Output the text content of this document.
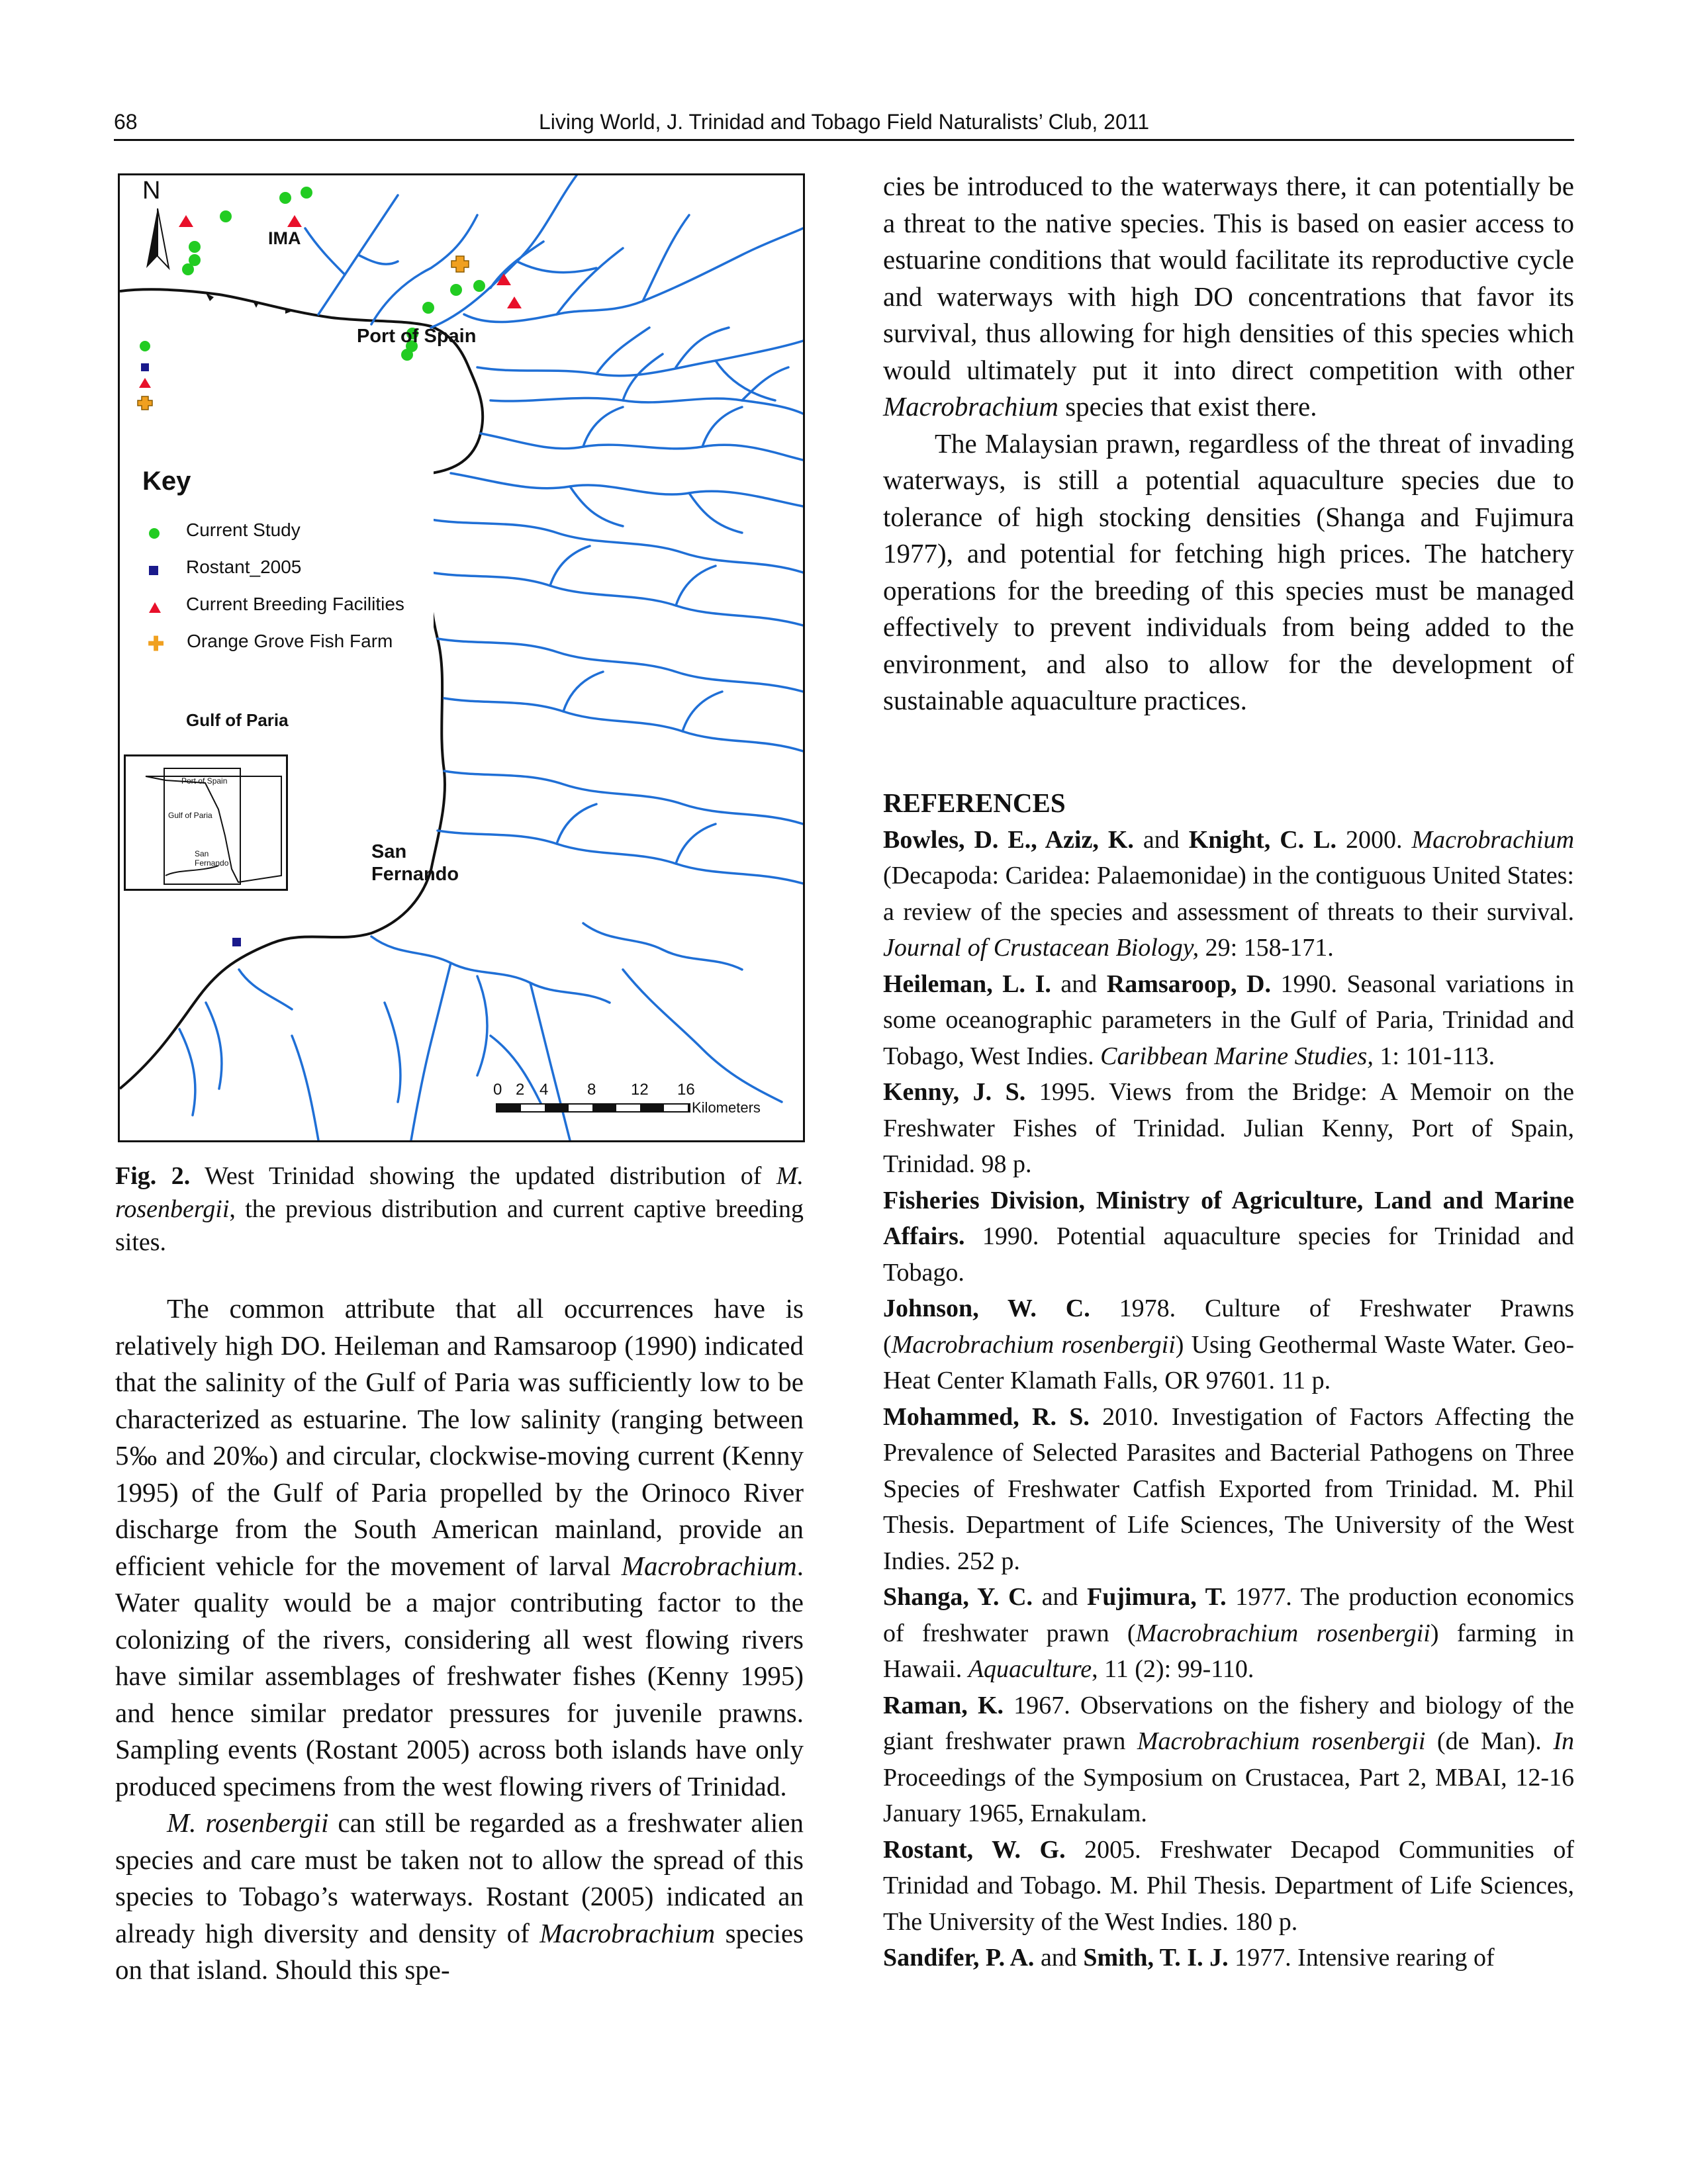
68	Living World, J. Trinidad and Tobago Field Naturalists’ Club, 2011
N
IMA
Port of Spain
San
Fernando
Gulf of Paria
Key
Current Study
Rostant_2005
Current Breeding Facilities
✚ Orange Grove Fish Farm
Port of Spain
Gulf of Paria
San Fernando
0 2 4 8 12 16
Kilometers
Fig. 2. West Trinidad showing the updated distribution of M. rosenbergii, the previous distribution and current captive breeding sites.

The common attribute that all occurrences have is relatively high DO. Heileman and Ramsaroop (1990) indicated that the salinity of the Gulf of Paria was sufficiently low to be characterized as estuarine. The low salinity (ranging between 5‰ and 20‰) and circular, clockwise-moving current (Kenny 1995) of the Gulf of Paria propelled by the Orinoco River discharge from the South American mainland, provide an efficient vehicle for the movement of larval Macrobrachium. Water quality would be a major contributing factor to the colonizing of the rivers, considering all west flowing rivers have similar assemblages of freshwater fishes (Kenny 1995) and hence similar predator pressures for juvenile prawns. Sampling events (Rostant 2005) across both islands have only produced specimens from the west flowing rivers of Trinidad.

M. rosenbergii can still be regarded as a freshwater alien species and care must be taken not to allow the spread of this species to Tobago’s waterways. Rostant (2005) indicated an already high diversity and density of Macrobrachium species on that island. Should this spe-

cies be introduced to the waterways there, it can potentially be a threat to the native species. This is based on easier access to estuarine conditions that would facilitate its reproductive cycle and waterways with high DO concentrations that favor its survival, thus allowing for high densities of this species which would ultimately put it into direct competition with other Macrobrachium species that exist there.

The Malaysian prawn, regardless of the threat of invading waterways, is still a potential aquaculture species due to tolerance of high stocking densities (Shanga and Fujimura 1977), and potential for fetching high prices. The hatchery operations for the breeding of this species must be managed effectively to prevent individuals from being added to the environment, and also to allow for the development of sustainable aquaculture practices.

REFERENCES

Bowles, D. E., Aziz, K. and Knight, C. L. 2000. Macrobrachium (Decapoda: Caridea: Palaemonidae) in the contiguous United States: a review of the species and assessment of threats to their survival. Journal of Crustacean Biology, 29: 158-171.

Heileman, L. I. and Ramsaroop, D. 1990. Seasonal variations in some oceanographic parameters in the Gulf of Paria, Trinidad and Tobago, West Indies. Caribbean Marine Studies, 1: 101-113.

Kenny, J. S. 1995. Views from the Bridge: A Memoir on the Freshwater Fishes of Trinidad. Julian Kenny, Port of Spain, Trinidad. 98 p.

Fisheries Division, Ministry of Agriculture, Land and Marine Affairs. 1990. Potential aquaculture species for Trinidad and Tobago.

Johnson, W. C. 1978. Culture of Freshwater Prawns (Macrobrachium rosenbergii) Using Geothermal Waste Water. Geo-Heat Center Klamath Falls, OR 97601. 11 p.

Mohammed, R. S. 2010. Investigation of Factors Affecting the Prevalence of Selected Parasites and Bacterial Pathogens on Three Species of Freshwater Catfish Exported from Trinidad. M. Phil Thesis. Department of Life Sciences, The University of the West Indies. 252 p.

Shanga, Y. C. and Fujimura, T. 1977. The production economics of freshwater prawn (Macrobrachium rosenbergii) farming in Hawaii. Aquaculture, 11 (2): 99-110.

Raman, K. 1967. Observations on the fishery and biology of the giant freshwater prawn Macrobrachium rosenbergii (de Man). In Proceedings of the Symposium on Crustacea, Part 2, MBAI, 12-16 January 1965, Ernakulam.

Rostant, W. G. 2005. Freshwater Decapod Communities of Trinidad and Tobago. M. Phil Thesis. Department of Life Sciences, The University of the West Indies. 180 p.

Sandifer, P. A. and Smith, T. I. J. 1977. Intensive rearing of
